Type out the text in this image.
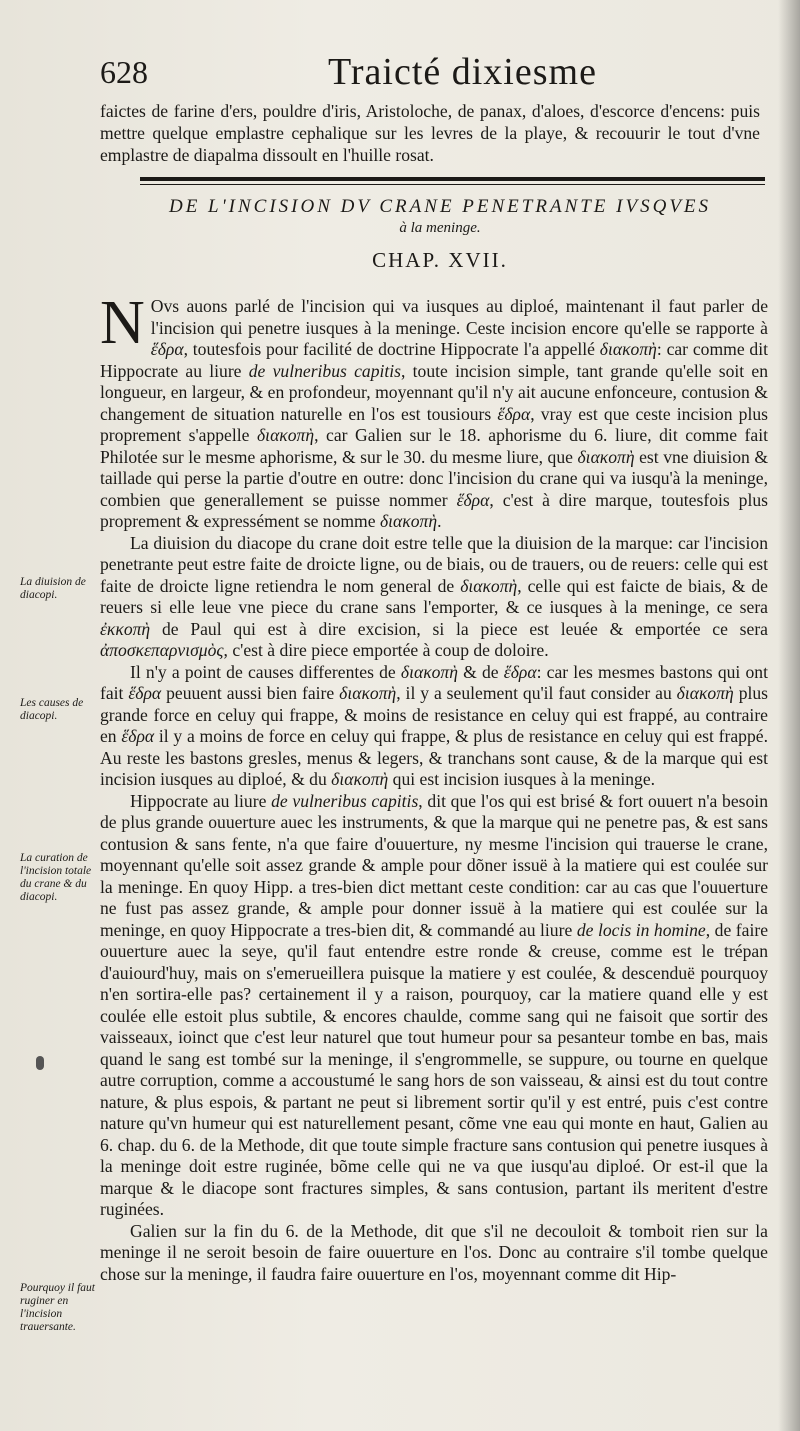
628	Traicté dixiesme
faictes de farine d'ers, pouldre d'iris, Aristoloche, de panax, d'aloes, d'escorce d'encens: puis mettre quelque emplastre cephalique sur les levres de la playe, & recouurir le tout d'vne emplastre de diapalma dissoult en l'huille rosat.
DE L'INCISION DV CRANE PENETRANTE IVSQVES
à la meninge.
CHAP. XVII.
La diuision de diacopi.
Les causes de diacopi.
La curation de l'incision totale du crane & du diacopi.
Pourquoy il faut ruginer en l'incision trauersante.

N Ovs auons parlé de l'incision qui va iusques au diploé, maintenant il faut parler de l'incision qui penetre iusques à la meninge. Ceste incision encore qu'elle se rapporte à ἕδρα, toutesfois pour facilité de doctrine Hippocrate l'a appellé διακοπὴ: car comme dit Hippocrate au liure de vulneribus capitis, toute incision simple, tant grande qu'elle soit en longueur, en largeur, & en profondeur, moyennant qu'il n'y ait aucune enfonceure, contusion & changement de situation naturelle en l'os est tousiours ἕδρα, vray est que ceste incision plus proprement s'appelle διακοπὴ, car Galien sur le 18. aphorisme du 6. liure, dit comme fait Philotée sur le mesme aphorisme, & sur le 30. du mesme liure, que διακοπὴ est vne diuision & taillade qui perse la partie d'outre en outre: donc l'incision du crane qui va iusqu'à la meninge, combien que generallement se puisse nommer ἕδρα, c'est à dire marque, toutesfois plus proprement & expressément se nomme διακοπὴ.

La diuision du diacope du crane doit estre telle que la diuision de la marque: car l'incision penetrante peut estre faite de droicte ligne, ou de biais, ou de trauers, ou de reuers: celle qui est faite de droicte ligne retiendra le nom general de διακοπὴ, celle qui est faicte de biais, & de reuers si elle leue vne piece du crane sans l'emporter, & ce iusques à la meninge, ce sera ἐκκοπὴ de Paul qui est à dire excision, si la piece est leuée & emportée ce sera ἀποσκεπαρνισμὸς, c'est à dire piece emportée à coup de doloire.

Il n'y a point de causes differentes de διακοπὴ & de ἕδρα: car les mesmes bastons qui ont fait ἕδρα peuuent aussi bien faire διακοπὴ, il y a seulement qu'il faut consider au διακοπὴ plus grande force en celuy qui frappe, & moins de resistance en celuy qui est frappé, au contraire en ἕδρα il y a moins de force en celuy qui frappe, & plus de resistance en celuy qui est frappé. Au reste les bastons gresles, menus & legers, & tranchans sont cause, & de la marque qui est incision iusques au diploé, & du διακοπὴ qui est incision iusques à la meninge.

Hippocrate au liure de vulneribus capitis, dit que l'os qui est brisé & fort ouuert n'a besoin de plus grande ouuerture auec les instruments, & que la marque qui ne penetre pas, & est sans contusion & sans fente, n'a que faire d'ouuerture, ny mesme l'incision qui trauerse le crane, moyennant qu'elle soit assez grande & ample pour dõner issuë à la matiere qui est coulée sur la meninge. En quoy Hipp. a tres-bien dict mettant ceste condition: car au cas que l'ouuerture ne fust pas assez grande, & ample pour donner issuë à la matiere qui est coulée sur la meninge, en quoy Hippocrate a tres-bien dit, & commandé au liure de locis in homine, de faire ouuerture auec la seye, qu'il faut entendre estre ronde & creuse, comme est le trépan d'auiourd'huy, mais on s'emerueillera puisque la matiere y est coulée, & descenduë pourquoy n'en sortira-elle pas? certainement il y a raison, pourquoy, car la matiere quand elle y est coulée elle estoit plus subtile, & encores chaulde, comme sang qui ne faisoit que sortir des vaisseaux, ioinct que c'est leur naturel que tout humeur pour sa pesanteur tombe en bas, mais quand le sang est tombé sur la meninge, il s'engrommelle, se suppure, ou tourne en quelque autre corruption, comme a accoustumé le sang hors de son vaisseau, & ainsi est du tout contre nature, & plus espois, & partant ne peut si librement sortir qu'il y est entré, puis c'est contre nature qu'vn humeur qui est naturellement pesant, cõme vne eau qui monte en haut, Galien au 6. chap. du 6. de la Methode, dit que toute simple fracture sans contusion qui penetre iusques à la meninge doit estre ruginée, bõme celle qui ne va que iusqu'au diploé. Or est-il que la marque & le diacope sont fractures simples, & sans contusion, partant ils meritent d'estre ruginées.

Galien sur la fin du 6. de la Methode, dit que s'il ne decouloit & tomboit rien sur la meninge il ne seroit besoin de faire ouuerture en l'os. Donc au contraire s'il tombe quelque chose sur la meninge, il faudra faire ouuerture en l'os, moyennant comme dit Hip-
